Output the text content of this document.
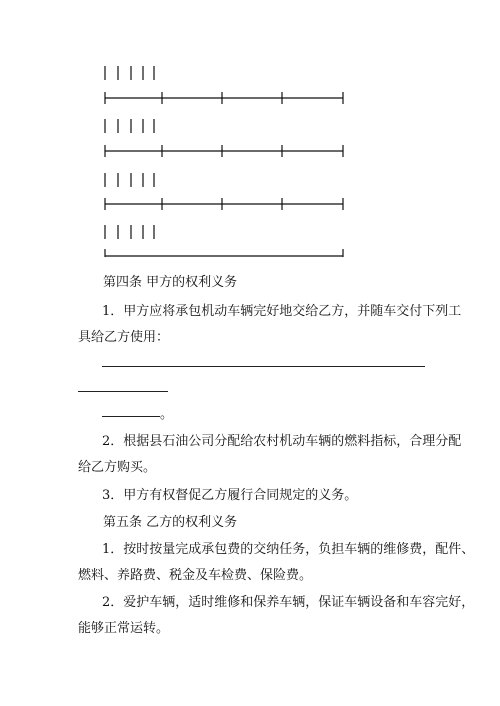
第四条 甲方的权利义务

1．甲方应将承包机动车辆完好地交给乙方，并随车交付下列工

具给乙方使用：

。

2．根据县石油公司分配给农村机动车辆的燃料指标，合理分配

给乙方购买。

3．甲方有权督促乙方履行合同规定的义务。

第五条 乙方的权利义务

1．按时按量完成承包费的交纳任务，负担车辆的维修费，配件、

燃料、养路费、税金及车检费、保险费。

2．爱护车辆，适时维修和保养车辆，保证车辆设备和车容完好，

能够正常运转。
